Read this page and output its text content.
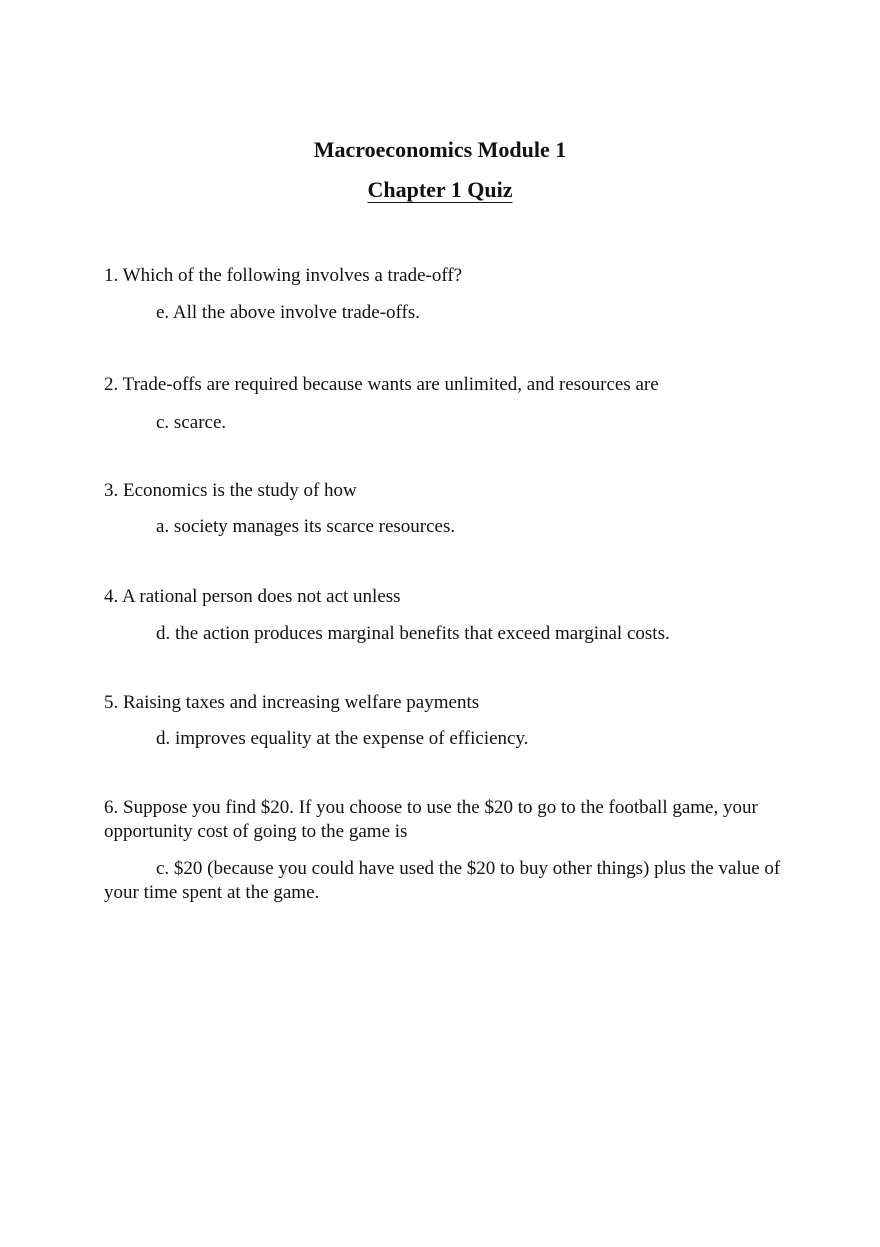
Macroeconomics Module 1
Chapter 1 Quiz

1. Which of the following involves a trade-off?

e. All the above involve trade-offs.

2. Trade-offs are required because wants are unlimited, and resources are

c. scarce.

3. Economics is the study of how

a. society manages its scarce resources.

4. A rational person does not act unless

d. the action produces marginal benefits that exceed marginal costs.

5. Raising taxes and increasing welfare payments

d. improves equality at the expense of efficiency.

6. Suppose you find $20. If you choose to use the $20 to go to the football game, your opportunity cost of going to the game is

c. $20 (because you could have used the $20 to buy other things) plus the value of your time spent at the game.
